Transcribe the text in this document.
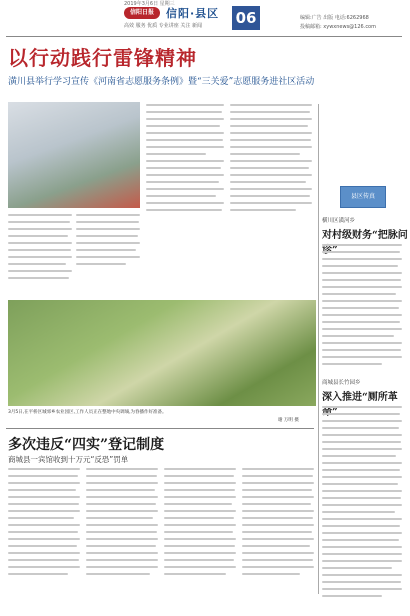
2019年3月6日 星期三
信阳日报	信阳·县区 06
高效 服务 优质 专业讲座 关注 新闻
编辑:广告 出版 电话:6262968
投稿邮箱: xywxnews@126.com
以行动践行雷锋精神
潢川县举行学习宣传《河南省志愿服务条例》暨“三关爱”志愿服务进社区活动
县区传真
横川区潢河乡
对村级财务“把脉问
商城县长竹园乡
深入推进“厕所革
3月5日,在平桥区城郊乡农业园区,工作人员正在整地中央调墒,为春播作好准备。
谢 万明 摄
多次违反“四实”登记制度
商城县一宾馆收到十万元“反恐”罚单
